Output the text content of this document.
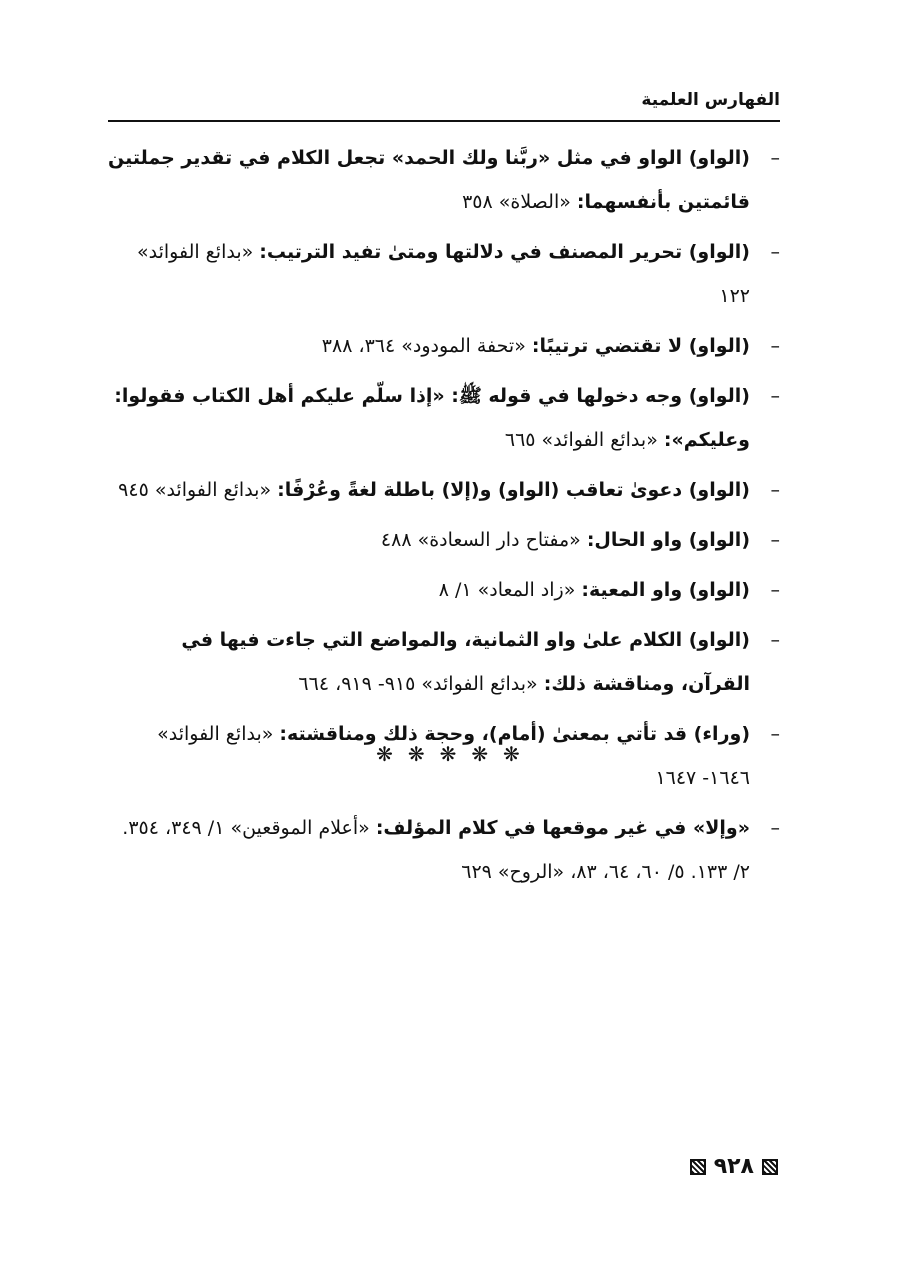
الفهارس العلمية
–
(الواو) الواو في مثل «ربَّنا ولك الحمد» تجعل الكلام في تقدير جملتين قائمتين بأنفسهما: «الصلاة» ٣٥٨
–
(الواو) تحرير المصنف في دلالتها ومتىٰ تفيد الترتيب: «بدائع الفوائد» ١٢٢
–
(الواو) لا تقتضي ترتيبًا: «تحفة المودود» ٣٦٤، ٣٨٨
–
(الواو) وجه دخولها في قوله ﷺ: «إذا سلّم عليكم أهل الكتاب فقولوا: وعليكم»: «بدائع الفوائد» ٦٦٥
–
(الواو) دعوىٰ تعاقب (الواو) و(إلا) باطلة لغةً وعُرْفًا: «بدائع الفوائد» ٩٤٥
–
(الواو) واو الحال: «مفتاح دار السعادة» ٤٨٨
–
(الواو) واو المعية: «زاد المعاد» ١/ ٨
–
(الواو) الكلام علىٰ واو الثمانية، والمواضع التي جاءت فيها في القرآن، ومناقشة ذلك: «بدائع الفوائد» ٩١٥- ٩١٩، ٦٦٤
–
(وراء) قد تأتي بمعنىٰ (أمام)، وحجة ذلك ومناقشته: «بدائع الفوائد» ١٦٤٦- ١٦٤٧
–
«وإلا» في غير موقعها في كلام المؤلف: «أعلام الموقعين» ١/ ٣٤٩، ٣٥٤. ٢/ ١٣٣. ٥/ ٦٠، ٦٤، ٨٣، «الروح» ٦٢٩
❋ ❋ ❋ ❋ ❋
٩٢٨
